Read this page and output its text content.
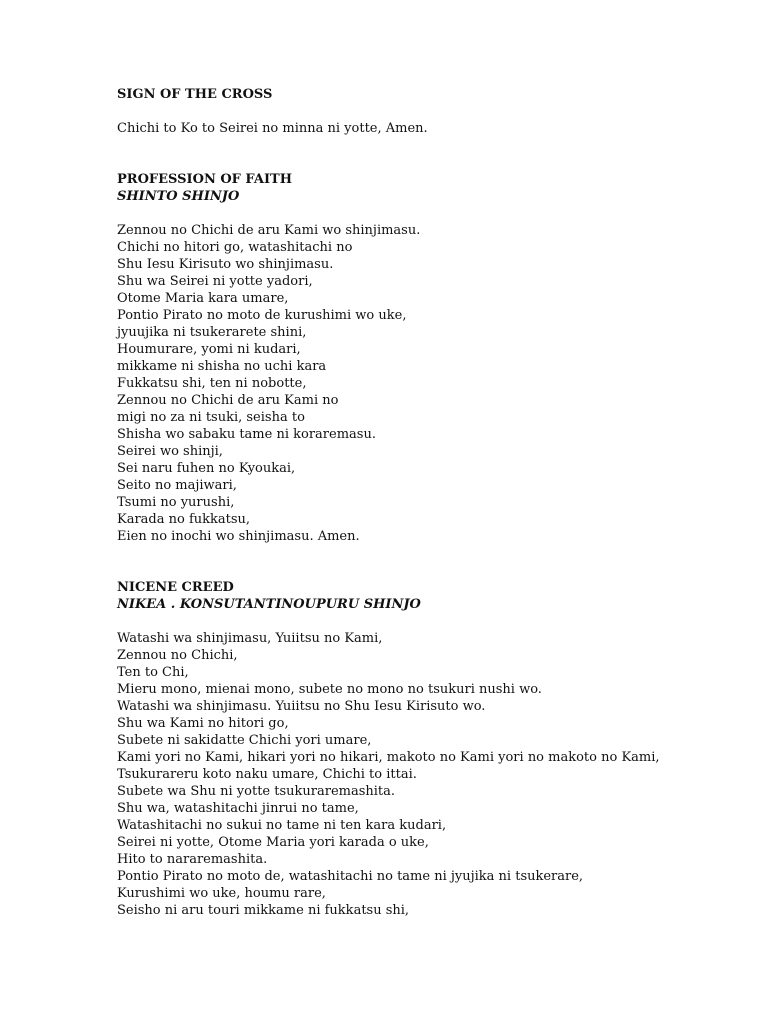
SIGN OF THE CROSS
Chichi to Ko to Seirei no minna ni yotte, Amen.
PROFESSION OF FAITH
SHINTO SHINJO
Zennou no Chichi de aru Kami wo shinjimasu.
Chichi no hitori go, watashitachi no
Shu Iesu Kirisuto wo shinjimasu.
Shu wa Seirei ni yotte yadori,
Otome Maria kara umare,
Pontio Pirato no moto de kurushimi wo uke,
jyuujika ni tsukerarete shini,
Houmurare, yomi ni kudari,
mikkame ni shisha no uchi kara
Fukkatsu shi, ten ni nobotte,
Zennou no Chichi de aru Kami no
migi no za ni tsuki, seisha to
Shisha wo sabaku tame ni koraremasu.
Seirei wo shinji,
Sei naru fuhen no Kyoukai,
Seito no majiwari,
Tsumi no yurushi,
Karada no fukkatsu,
Eien no inochi wo shinjimasu. Amen.
NICENE CREED
NIKEA . KONSUTANTINOUPURU SHINJO
Watashi wa shinjimasu, Yuiitsu no Kami,
Zennou no Chichi,
Ten to Chi,
Mieru mono, mienai mono, subete no mono no tsukuri nushi wo.
Watashi wa shinjimasu. Yuiitsu no Shu Iesu Kirisuto wo.
Shu wa Kami no hitori go,
Subete ni sakidatte Chichi yori umare,
Kami yori no Kami, hikari yori no hikari, makoto no Kami yori no makoto no Kami,
Tsukurareru koto naku umare, Chichi to ittai.
Subete wa Shu ni yotte tsukuraremashita.
Shu wa, watashitachi jinrui no tame,
Watashitachi no sukui no tame ni ten kara kudari,
Seirei ni yotte, Otome Maria yori karada o uke,
Hito to nararemashita.
Pontio Pirato no moto de, watashitachi no tame ni jyujika ni tsukerare,
Kurushimi wo uke, houmu rare,
Seisho ni aru touri mikkame ni fukkatsu shi,
